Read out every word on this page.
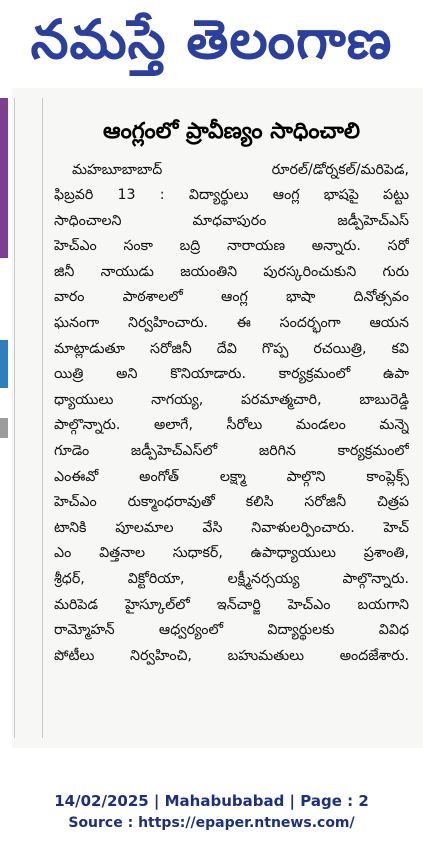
నమస్తే తెలంగాణ
ఆంగ్లంలో ప్రావీణ్యం సాధించాలి
మహబూబాబాద్ రూరల్/డోర్నకల్/మరిపెడ,
ఫిబ్రవరి 13 : విద్యార్థులు ఆంగ్ల భాషపై పట్టు
సాధించాలని మాధవాపురం జడ్పీహెచ్ఎస్
హెచ్ఎం సంకా బద్రి నారాయణ అన్నారు. సరో
జినీ నాయుడు జయంతిని పురస్కరించుకుని గురు
వారం పాఠశాలలో ఆంగ్ల భాషా దినోత్సవం
ఘనంగా నిర్వహించారు. ఈ సందర్భంగా ఆయన
మాట్లాడుతూ సరోజినీ దేవి గొప్ప రచయిత్రి, కవి
యిత్రి అని కొనియాడారు. కార్యక్రమంలో ఉపా
ధ్యాయులు నాగయ్య, పరమాత్మచారి, బాబురెడ్డి
పాల్గొన్నారు. అలాగే, సీరోలు మండలం మన్నె
గూడెం జడ్పీహెచ్ఎస్‌లో జరిగిన కార్యక్రమంలో
ఎంఈవో అంగోత్ లక్ష్మా పాల్గొని కాంప్లెక్స్
హెచ్ఎం రుక్మాంధరావుతో కలిసి సరోజినీ చిత్రప
టానికి పూలమాల వేసి నివాళులర్పించారు. హెచ్
ఎం విత్తనాల సుధాకర్, ఉపాధ్యాయులు ప్రశాంతి,
శ్రీధర్, విక్టోరియా, లక్ష్మీనర్సయ్య పాల్గొన్నారు.
మరిపెడ హైస్కూల్‌లో ఇన్‌చార్జి హెచ్ఎం బయగాని
రామ్మోహన్ ఆధ్వర్యంలో విద్యార్థులకు వివిధ
పోటీలు నిర్వహించి, బహుమతులు అందజేశారు.
14/02/2025 | Mahabubabad | Page : 2
Source : https://epaper.ntnews.com/
